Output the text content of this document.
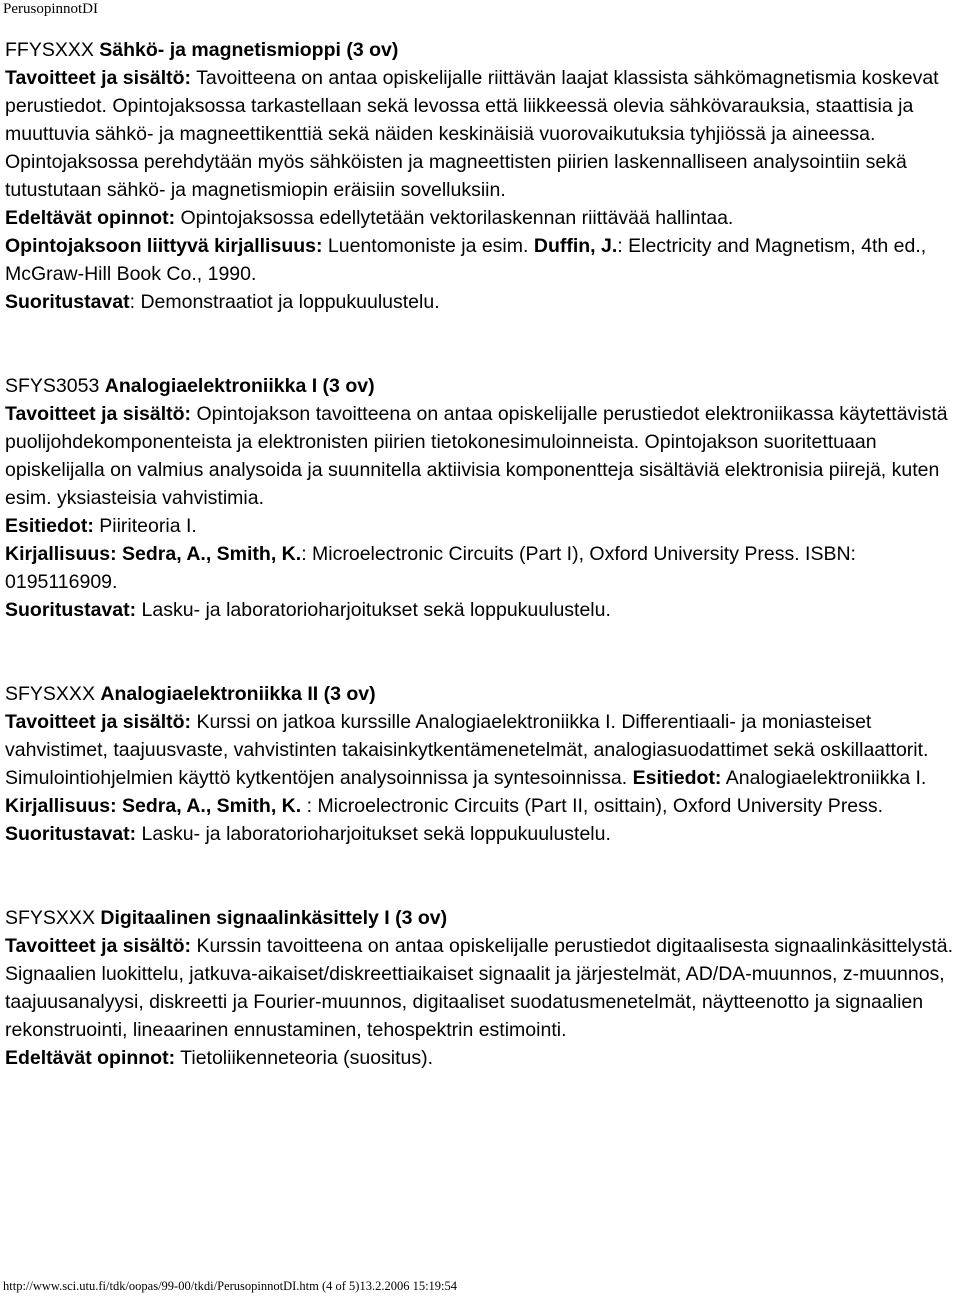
PerusopinnotDI
FFYSXXX Sähkö- ja magnetismioppi (3 ov)
Tavoitteet ja sisältö: Tavoitteena on antaa opiskelijalle riittävän laajat klassista sähkömagnetismia koskevat perustiedot. Opintojaksossa tarkastellaan sekä levossa että liikkeessä olevia sähkövarauksia, staattisia ja muuttuvia sähkö- ja magneettikenttiä sekä näiden keskinäisiä vuorovaikutuksia tyhjiössä ja aineessa. Opintojaksossa perehdytään myös sähköisten ja magneettisten piirien laskennalliseen analysointiin sekä tutustutaan sähkö- ja magnetismiopin eräisiin sovelluksiin.
Edeltävät opinnot: Opintojaksossa edellytetään vektorilaskennan riittävää hallintaa.
Opintojaksoon liittyvä kirjallisuus: Luentomoniste ja esim. Duffin, J.: Electricity and Magnetism, 4th ed., McGraw-Hill Book Co., 1990.
Suoritustavat: Demonstraatiot ja loppukuulustelu.
SFYS3053 Analogiaelektroniikka I (3 ov)
Tavoitteet ja sisältö: Opintojakson tavoitteena on antaa opiskelijalle perustiedot elektroniikassa käytettävistä puolijohdekomponenteista ja elektronisten piirien tietokonesimuloinneista. Opintojakson suoritettuaan opiskelijalla on valmius analysoida ja suunnitella aktiivisia komponentteja sisältäviä elektronisia piirejä, kuten esim. yksiasteisia vahvistimia.
Esitiedot: Piiriteoria I.
Kirjallisuus: Sedra, A., Smith, K.: Microelectronic Circuits (Part I), Oxford University Press. ISBN: 0195116909.
Suoritustavat: Lasku- ja laboratorioharjoitukset sekä loppukuulustelu.
SFYSXXX Analogiaelektroniikka II (3 ov)
Tavoitteet ja sisältö: Kurssi on jatkoa kurssille Analogiaelektroniikka I. Differentiaali- ja moniasteiset vahvistimet, taajuusvaste, vahvistinten takaisinkytkentämenetelmät, analogiasuodattimet sekä oskillaattorit. Simulointiohjelmien käyttö kytkentöjen analysoinnissa ja syntesoinnissa. Esitiedot: Analogiaelektroniikka I.
Kirjallisuus: Sedra, A., Smith, K. : Microelectronic Circuits (Part II, osittain), Oxford University Press.
Suoritustavat: Lasku- ja laboratorioharjoitukset sekä loppukuulustelu.
SFYSXXX Digitaalinen signaalinkäsittely I (3 ov)
Tavoitteet ja sisältö: Kurssin tavoitteena on antaa opiskelijalle perustiedot digitaalisesta signaalinkäsittelystä. Signaalien luokittelu, jatkuva-aikaiset/diskreettiaikaiset signaalit ja järjestelmät, AD/DA-muunnos, z-muunnos, taajuusanalyysi, diskreetti ja Fourier-muunnos, digitaaliset suodatusmenetelmät, näytteenotto ja signaalien rekonstruointi, lineaarinen ennustaminen, tehospektrin estimointi.
Edeltävät opinnot: Tietoliikenneteoria (suositus).
http://www.sci.utu.fi/tdk/oopas/99-00/tkdi/PerusopinnotDI.htm (4 of 5)13.2.2006 15:19:54
